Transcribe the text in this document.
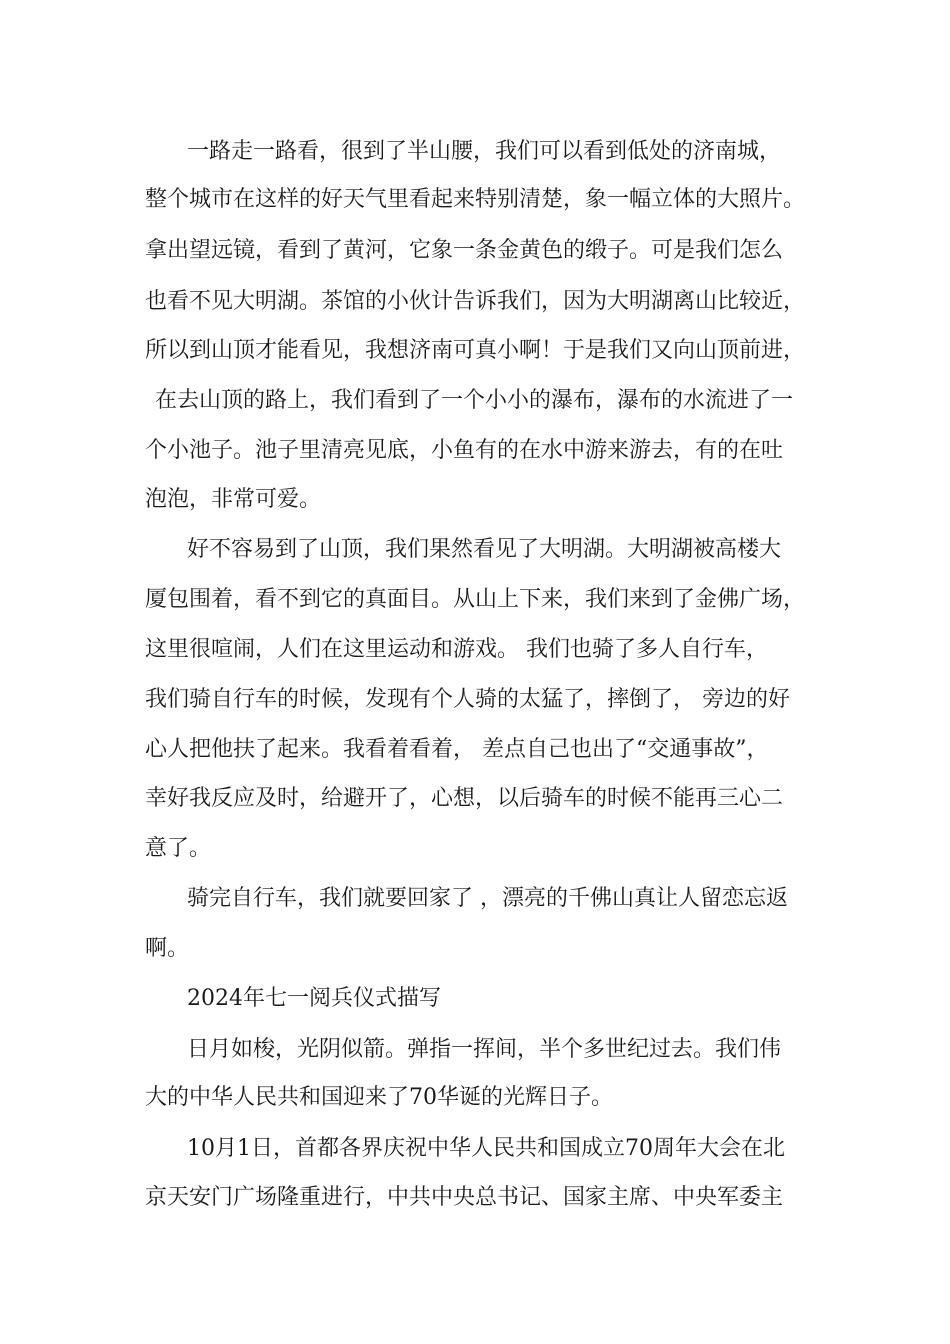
一路走一路看，很到了半山腰，我们可以看到低处的济南城，
整个城市在这样的好天气里看起来特别清楚，象一幅立体的大照片。
拿出望远镜，看到了黄河，它象一条金黄色的缎子。可是我们怎么
也看不见大明湖。茶馆的小伙计告诉我们，因为大明湖离山比较近，
所以到山顶才能看见，我想济南可真小啊！于是我们又向山顶前进，
在去山顶的路上，我们看到了一个小小的瀑布，瀑布的水流进了一
个小池子。池子里清亮见底，小鱼有的在水中游来游去，有的在吐
泡泡，非常可爱。
好不容易到了山顶，我们果然看见了大明湖。大明湖被高楼大
厦包围着，看不到它的真面目。从山上下来，我们来到了金佛广场，
这里很喧闹，人们在这里运动和游戏。 我们也骑了多人自行车，
我们骑自行车的时候，发现有个人骑的太猛了，摔倒了， 旁边的好
心人把他扶了起来。我看着看着， 差点自己也出了“交通事故”，
幸好我反应及时，给避开了，心想，以后骑车的时候不能再三心二
意了。
骑完自行车，我们就要回家了 ，漂亮的千佛山真让人留恋忘返
啊。
2024年七一阅兵仪式描写
日月如梭，光阴似箭。弹指一挥间，半个多世纪过去。我们伟
大的中华人民共和国迎来了70华诞的光辉日子。
10月1日，首都各界庆祝中华人民共和国成立70周年大会在北
京天安门广场隆重进行，中共中央总书记、国家主席、中央军委主
